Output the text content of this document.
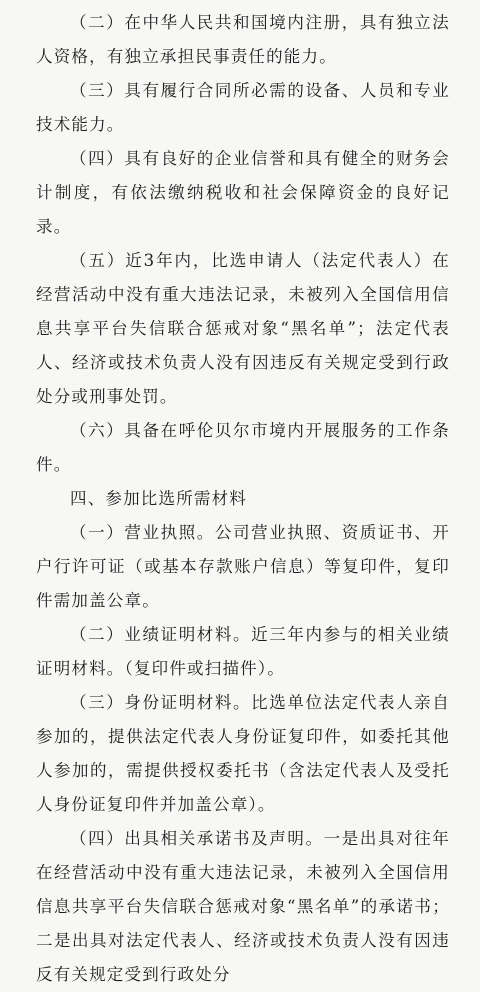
（二）在中华人民共和国境内注册，具有独立法人资格，有独立承担民事责任的能力。

（三）具有履行合同所必需的设备、人员和专业技术能力。

（四）具有良好的企业信誉和具有健全的财务会计制度，有依法缴纳税收和社会保障资金的良好记录。

（五）近3年内，比选申请人（法定代表人）在经营活动中没有重大违法记录，未被列入全国信用信息共享平台失信联合惩戒对象“黑名单”；法定代表人、经济或技术负责人没有因违反有关规定受到行政处分或刑事处罚。

（六）具备在呼伦贝尔市境内开展服务的工作条件。

四、参加比选所需材料

（一）营业执照。公司营业执照、资质证书、开户行许可证（或基本存款账户信息）等复印件，复印件需加盖公章。

（二）业绩证明材料。近三年内参与的相关业绩证明材料。（复印件或扫描件）。

（三）身份证明材料。比选单位法定代表人亲自参加的，提供法定代表人身份证复印件，如委托其他人参加的，需提供授权委托书（含法定代表人及受托人身份证复印件并加盖公章）。

（四）出具相关承诺书及声明。一是出具对往年在经营活动中没有重大违法记录，未被列入全国信用信息共享平台失信联合惩戒对象“黑名单”的承诺书；二是出具对法定代表人、经济或技术负责人没有因违反有关规定受到行政处分
